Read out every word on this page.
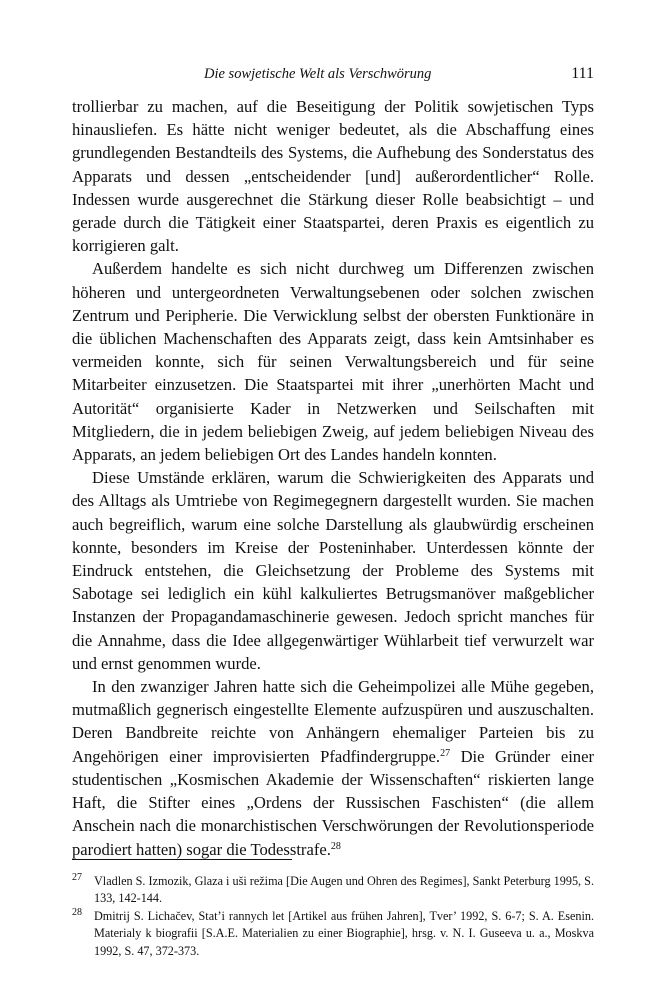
Die sowjetische Welt als Verschwörung	111

trollierbar zu machen, auf die Beseitigung der Politik sowjetischen Typs hinausliefen. Es hätte nicht weniger bedeutet, als die Abschaffung eines grundlegenden Bestandteils des Systems, die Aufhebung des Sonderstatus des Apparats und dessen „entscheidender [und] außerordentlicher“ Rolle. Indessen wurde ausgerechnet die Stärkung dieser Rolle beabsichtigt – und gerade durch die Tätigkeit einer Staatspartei, deren Praxis es eigentlich zu korrigieren galt.

Außerdem handelte es sich nicht durchweg um Differenzen zwischen höheren und untergeordneten Verwaltungsebenen oder solchen zwischen Zentrum und Peripherie. Die Verwicklung selbst der obersten Funktionäre in die üblichen Machenschaften des Apparats zeigt, dass kein Amtsinhaber es vermeiden konnte, sich für seinen Verwaltungsbereich und für seine Mitarbeiter einzusetzen. Die Staatspartei mit ihrer „unerhörten Macht und Autorität“ organisierte Kader in Netzwerken und Seilschaften mit Mitgliedern, die in jedem beliebigen Zweig, auf jedem beliebigen Niveau des Apparats, an jedem beliebigen Ort des Landes handeln konnten.

Diese Umstände erklären, warum die Schwierigkeiten des Apparats und des Alltags als Umtriebe von Regimegegnern dargestellt wurden. Sie machen auch begreiflich, warum eine solche Darstellung als glaubwürdig erscheinen konnte, besonders im Kreise der Posteninhaber. Unterdessen könnte der Eindruck entstehen, die Gleichsetzung der Probleme des Systems mit Sabotage sei lediglich ein kühl kalkuliertes Betrugsmanöver maßgeblicher Instanzen der Propagandamaschinerie gewesen. Jedoch spricht manches für die Annahme, dass die Idee allgegenwärtiger Wühlarbeit tief verwurzelt war und ernst genommen wurde.

In den zwanziger Jahren hatte sich die Geheimpolizei alle Mühe gegeben, mutmaßlich gegnerisch eingestellte Elemente aufzuspüren und auszuschalten. Deren Bandbreite reichte von Anhängern ehemaliger Parteien bis zu Angehörigen einer improvisierten Pfadfindergruppe.$^{27}$ Die Gründer einer studentischen „Kosmischen Akademie der Wissenschaften“ riskierten lange Haft, die Stifter eines „Ordens der Russischen Faschisten“ (die allem Anschein nach die monarchistischen Verschwörungen der Revolutionsperiode parodiert hatten) sogar die Todesstrafe.$^{28}$

27 Vladlen S. Izmozik, Glaza i uši režima [Die Augen und Ohren des Regimes], Sankt Peterburg 1995, S. 133, 142-144.

28 Dmitrij S. Lichačev, Stat’i rannych let [Artikel aus frühen Jahren], Tver’ 1992, S. 6-7; S. A. Esenin. Materialy k biografii [S.A.E. Materialien zu einer Biographie], hrsg. v. N. I. Guseeva u. a., Moskva 1992, S. 47, 372-373.
